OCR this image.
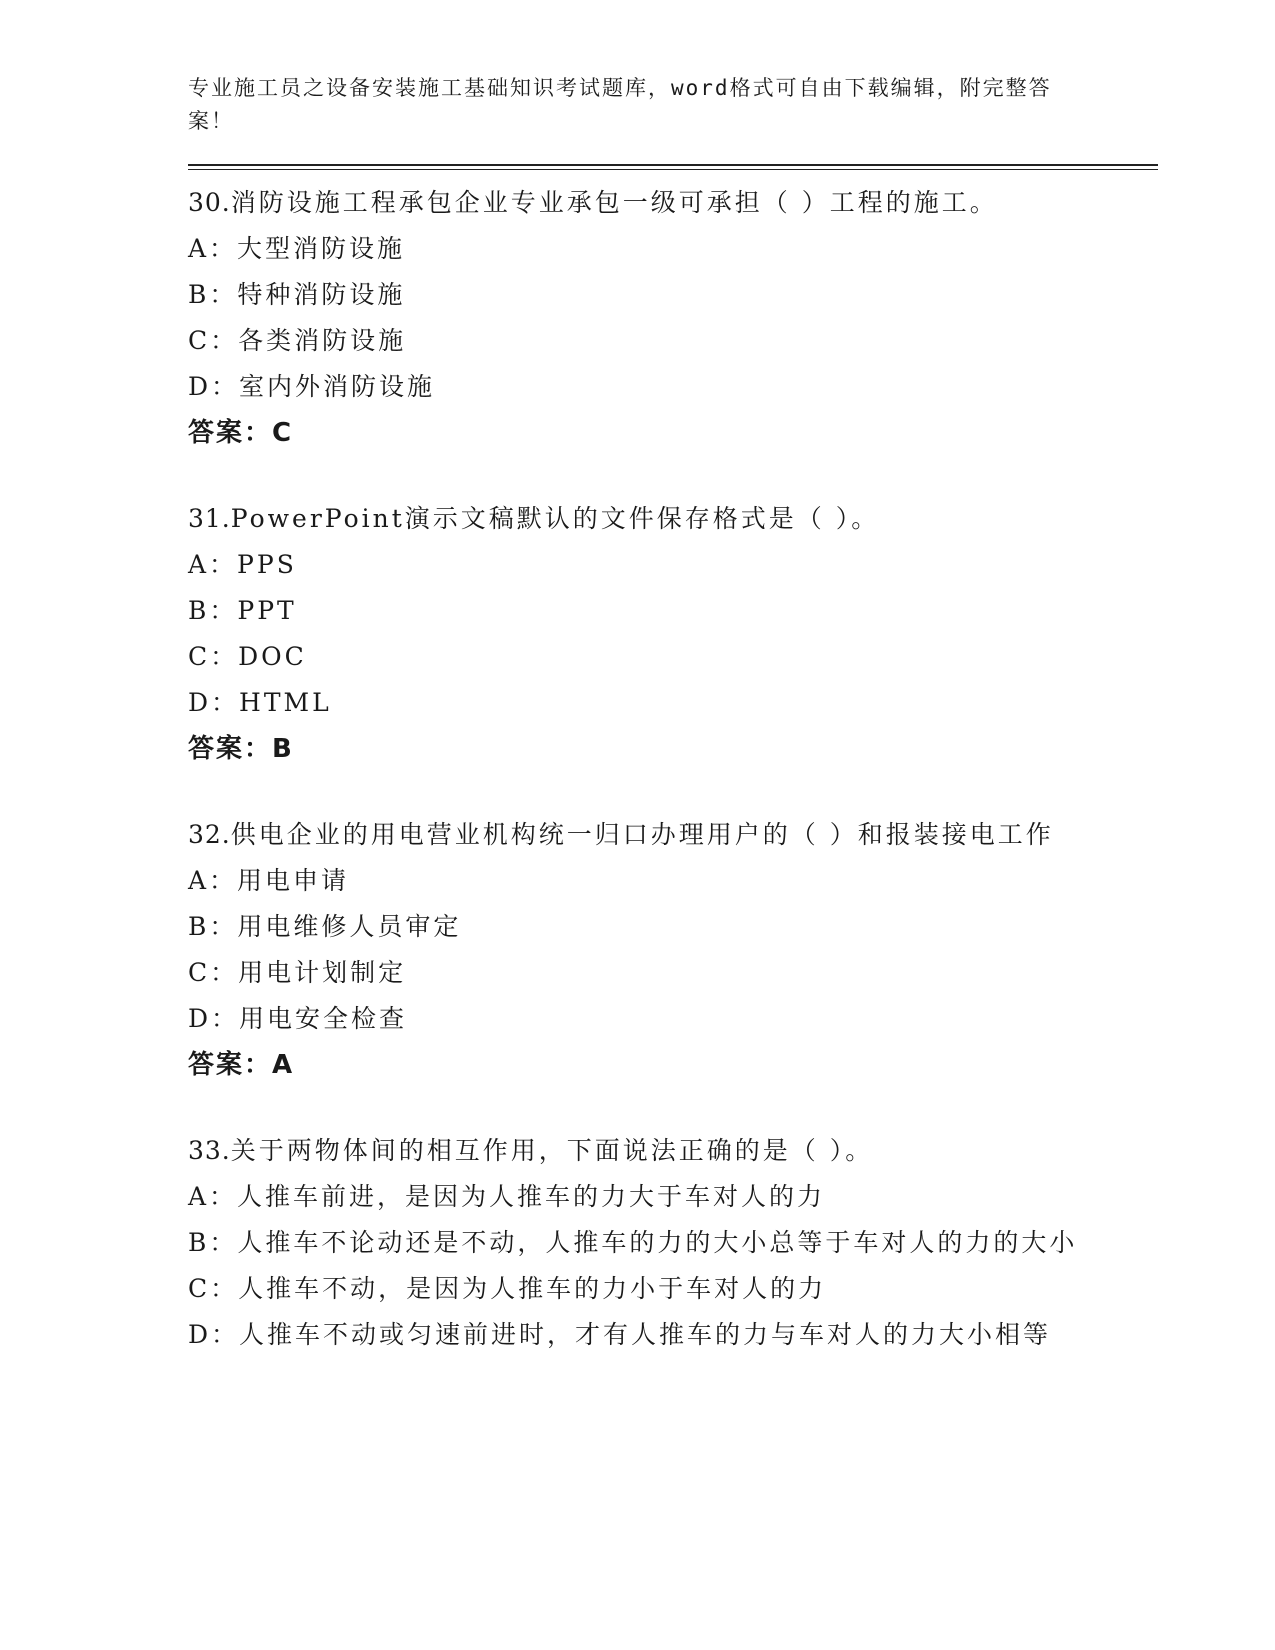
专业施工员之设备安装施工基础知识考试题库，word格式可自由下载编辑，附完整答案！

30.消防设施工程承包企业专业承包一级可承担（ ）工程的施工。

A：大型消防设施

B：特种消防设施

C：各类消防设施

D：室内外消防设施

答案：C

31.PowerPoint演示文稿默认的文件保存格式是（ ）。

A：PPS

B：PPT

C：DOC

D：HTML

答案：B

32.供电企业的用电营业机构统一归口办理用户的（ ）和报装接电工作

A：用电申请

B：用电维修人员审定

C：用电计划制定

D：用电安全检查

答案：A

33.关于两物体间的相互作用，下面说法正确的是（ ）。

A：人推车前进，是因为人推车的力大于车对人的力

B：人推车不论动还是不动，人推车的力的大小总等于车对人的力的大小

C：人推车不动，是因为人推车的力小于车对人的力

D：人推车不动或匀速前进时，才有人推车的力与车对人的力大小相等
